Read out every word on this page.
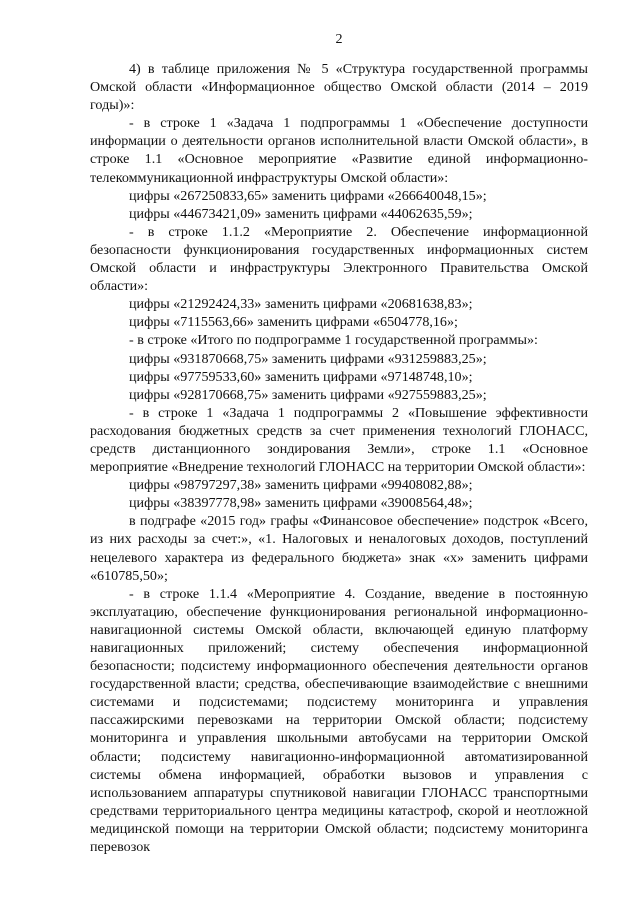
2

4) в таблице приложения № 5 «Структура государственной программы Омской области «Информационное общество Омской области (2014 – 2019 годы)»:

- в строке 1 «Задача 1 подпрограммы 1 «Обеспечение доступности информации о деятельности органов исполнительной власти Омской области», в строке 1.1 «Основное мероприятие «Развитие единой информационно-телекоммуникационной инфраструктуры Омской области»:

цифры «267250833,65» заменить цифрами «266640048,15»;

цифры «44673421,09» заменить цифрами «44062635,59»;

- в строке 1.1.2 «Мероприятие 2. Обеспечение информационной безопасности функционирования государственных информационных систем Омской области и инфраструктуры Электронного Правительства Омской области»:

цифры «21292424,33» заменить цифрами «20681638,83»;

цифры «7115563,66» заменить цифрами «6504778,16»;

- в строке «Итого по подпрограмме 1 государственной программы»:

цифры «931870668,75» заменить цифрами «931259883,25»;

цифры «97759533,60» заменить цифрами «97148748,10»;

цифры «928170668,75» заменить цифрами «927559883,25»;

- в строке 1 «Задача 1 подпрограммы 2 «Повышение эффективности расходования бюджетных средств за счет применения технологий ГЛОНАСС, средств дистанционного зондирования Земли», строке 1.1 «Основное мероприятие «Внедрение технологий ГЛОНАСС на территории Омской области»:

цифры «98797297,38» заменить цифрами «99408082,88»;

цифры «38397778,98» заменить цифрами «39008564,48»;

в подграфе «2015 год» графы «Финансовое обеспечение» подстрок «Всего, из них расходы за счет:», «1. Налоговых и неналоговых доходов, поступлений нецелевого характера из федерального бюджета» знак «х» заменить цифрами «610785,50»;

- в строке 1.1.4 «Мероприятие 4. Создание, введение в постоянную эксплуатацию, обеспечение функционирования региональной информационно-навигационной системы Омской области, включающей единую платформу навигационных приложений; систему обеспечения информационной безопасности; подсистему информационного обеспечения деятельности органов государственной власти; средства, обеспечивающие взаимодействие с внешними системами и подсистемами; подсистему мониторинга и управления пассажирскими перевозками на территории Омской области; подсистему мониторинга и управления школьными автобусами на территории Омской области; подсистему навигационно-информационной автоматизированной системы обмена информацией, обработки вызовов и управления с использованием аппаратуры спутниковой навигации ГЛОНАСС транспортными средствами территориального центра медицины катастроф, скорой и неотложной медицинской помощи на территории Омской области; подсистему мониторинга перевозок
